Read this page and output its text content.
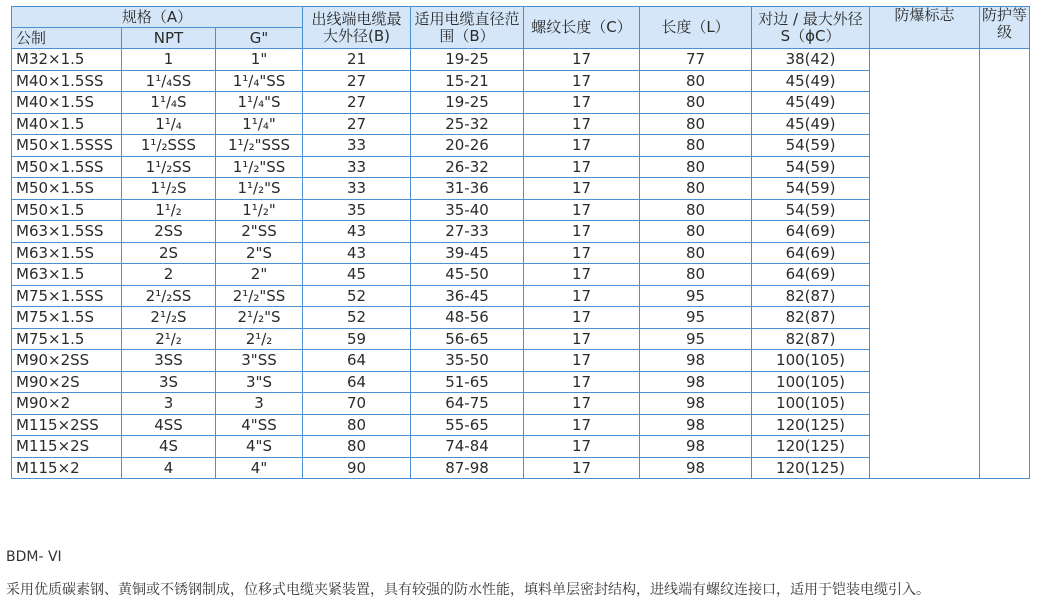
规格（A）			出线端电缆最大外径(B)	适用电缆直径范围（B）	螺纹长度（C）	长度（L）	对边 / 最大外径 S（ϕC）	防爆标志	防护等级
公制	NPT	G"							
M32×1.5	1	1"	21	19-25	17	77	38(42)		
M40×1.5SS	1¹/₄SS	1¹/₄"SS	27	15-21	17	80	45(49)		
M40×1.5S	1¹/₄S	1¹/₄"S	27	19-25	17	80	45(49)		
M40×1.5	1¹/₄	1¹/₄"	27	25-32	17	80	45(49)		
M50×1.5SSS	1¹/₂SSS	1¹/₂"SSS	33	20-26	17	80	54(59)		
M50×1.5SS	1¹/₂SS	1¹/₂"SS	33	26-32	17	80	54(59)		
M50×1.5S	1¹/₂S	1¹/₂"S	33	31-36	17	80	54(59)		
M50×1.5	1¹/₂	1¹/₂"	35	35-40	17	80	54(59)		
M63×1.5SS	2SS	2"SS	43	27-33	17	80	64(69)		
M63×1.5S	2S	2"S	43	39-45	17	80	64(69)		
M63×1.5	2	2"	45	45-50	17	80	64(69)		
M75×1.5SS	2¹/₂SS	2¹/₂"SS	52	36-45	17	95	82(87)		
M75×1.5S	2¹/₂S	2¹/₂"S	52	48-56	17	95	82(87)		
M75×1.5	2¹/₂	2¹/₂	59	56-65	17	95	82(87)		
M90×2SS	3SS	3"SS	64	35-50	17	98	100(105)		
M90×2S	3S	3"S	64	51-65	17	98	100(105)		
M90×2	3	3	70	64-75	17	98	100(105)		
M115×2SS	4SS	4"SS	80	55-65	17	98	120(125)		
M115×2S	4S	4"S	80	74-84	17	98	120(125)		
M115×2	4	4"	90	87-98	17	98	120(125)		
BDM- VI
采用优质碳素钢、黄铜或不锈钢制成，位移式电缆夹紧装置，具有较强的防水性能，填料单层密封结构，进线端有螺纹连接口，适用于铠装电缆引入。
